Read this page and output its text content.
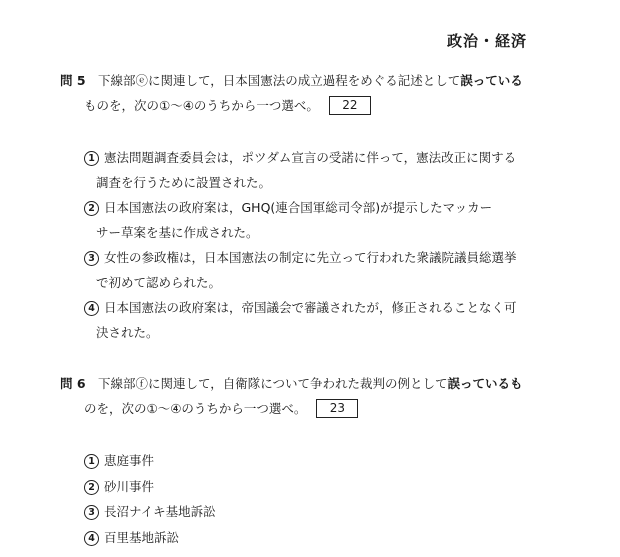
政治・経済
問 5 下線部ⓔに関連して，日本国憲法の成立過程をめぐる記述として誤っている
ものを，次の①〜④のうちから一つ選べ。 22
1 憲法問題調査委員会は，ポツダム宣言の受諾に伴って，憲法改正に関する
調査を行うために設置された。
2 日本国憲法の政府案は，GHQ(連合国軍総司令部)が提示したマッカー
サー草案を基に作成された。
3 女性の参政権は，日本国憲法の制定に先立って行われた衆議院議員総選挙
で初めて認められた。
4 日本国憲法の政府案は，帝国議会で審議されたが，修正されることなく可
決された。
問 6 下線部ⓕに関連して，自衛隊について争われた裁判の例として誤っているも
のを，次の①〜④のうちから一つ選べ。 23
1 恵庭事件
2 砂川事件
3 長沼ナイキ基地訴訟
4 百里基地訴訟
